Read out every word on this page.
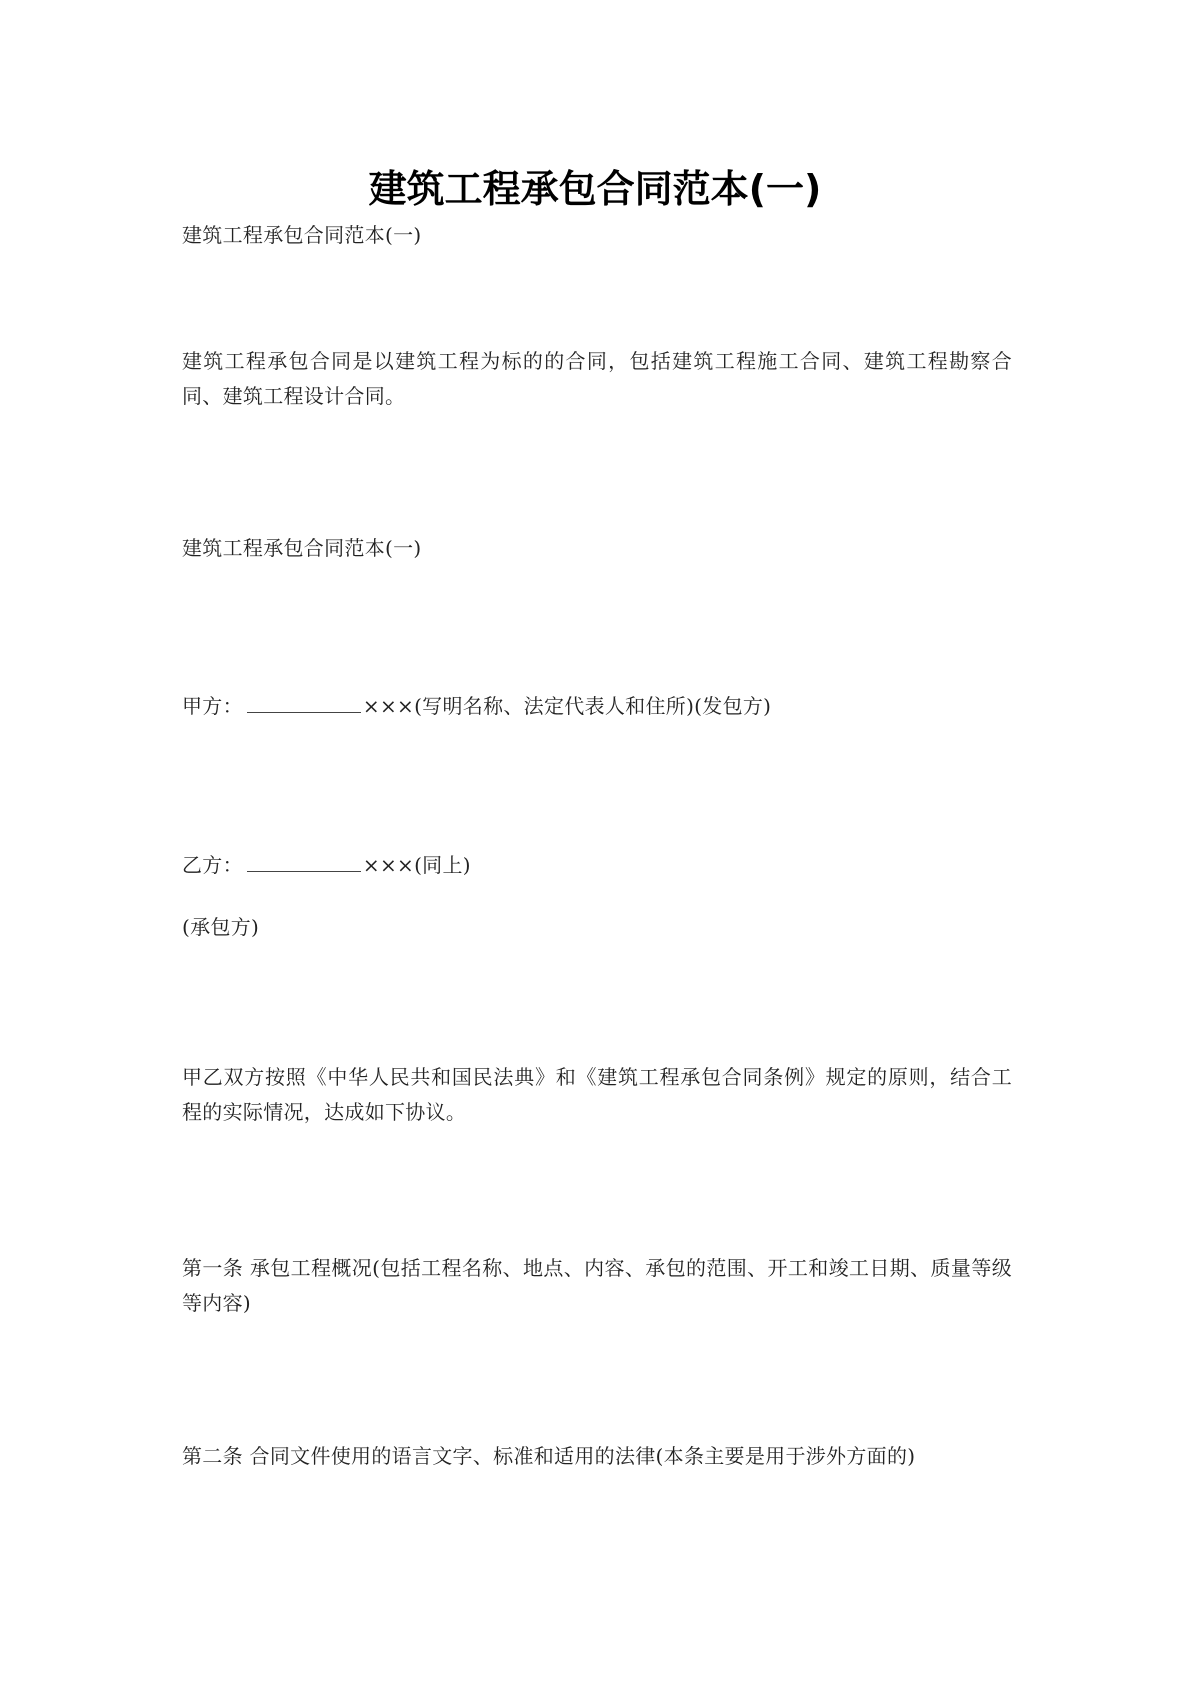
建筑工程承包合同范本(一)

建筑工程承包合同范本(一)

建筑工程承包合同是以建筑工程为标的的合同，包括建筑工程施工合同、建筑工程勘察合同、建筑工程设计合同。

建筑工程承包合同范本(一)

甲方：	×××(写明名称、法定代表人和住所)(发包方)

乙方：	×××(同上)

(承包方)

甲乙双方按照《中华人民共和国民法典》和《建筑工程承包合同条例》规定的原则，结合工程的实际情况，达成如下协议。

第一条 承包工程概况(包括工程名称、地点、内容、承包的范围、开工和竣工日期、质量等级等内容)

第二条 合同文件使用的语言文字、标准和适用的法律(本条主要是用于涉外方面的)
